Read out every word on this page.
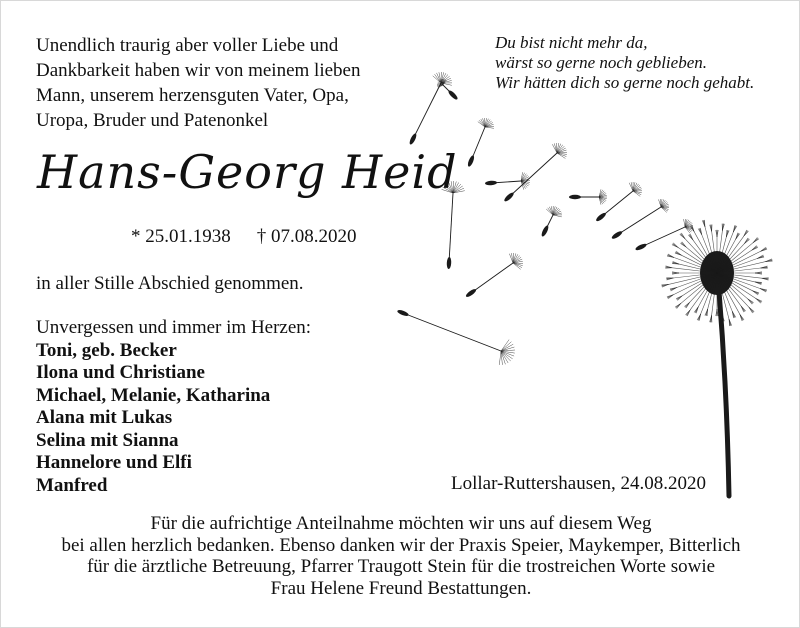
Unendlich traurig aber voller Liebe und
Dankbarkeit haben wir von meinem lieben
Mann, unserem herzensguten Vater, Opa,
Uropa, Bruder und Patenonkel

Du bist nicht mehr da,
wärst so gerne noch geblieben.
Wir hätten dich so gerne noch gehabt.

Hans-Georg Heid
* 25.01.1938 † 07.08.2020

in aller Stille Abschied genommen.

Unvergessen und immer im Herzen:
Toni, geb. Becker
Ilona und Christiane
Michael, Melanie, Katharina
Alana mit Lukas
Selina mit Sianna
Hannelore und Elfi
Manfred	Lollar-Ruttershausen, 24.08.2020

Für die aufrichtige Anteilnahme möchten wir uns auf diesem Weg
bei allen herzlich bedanken. Ebenso danken wir der Praxis Speier, Maykemper, Bitterlich
für die ärztliche Betreuung, Pfarrer Traugott Stein für die trostreichen Worte sowie
Frau Helene Freund Bestattungen.
